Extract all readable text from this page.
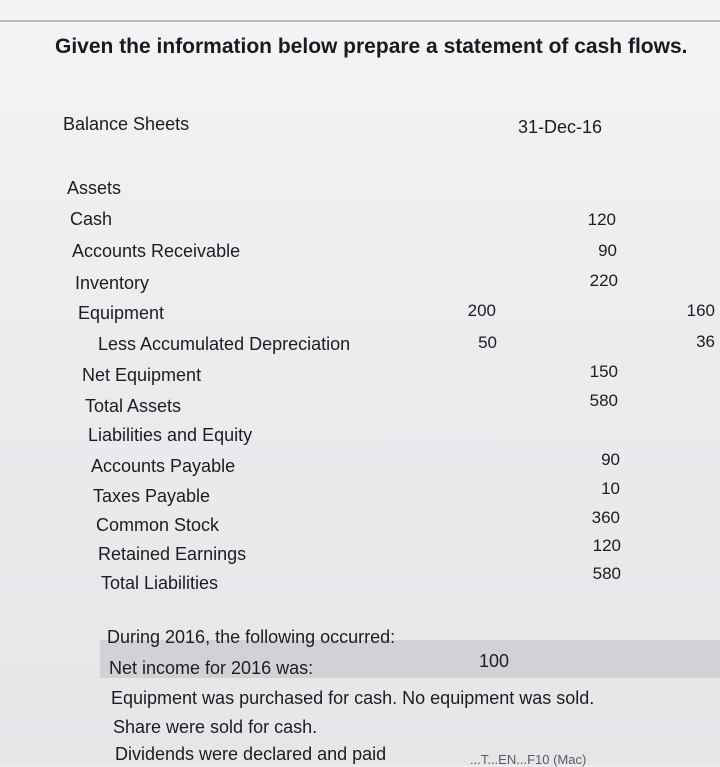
Given the information below prepare a statement of cash flows.
Balance Sheets	31-Dec-16
Assets
Cash	120
Accounts Receivable	90
Inventory	220
Equipment	200	160
Less Accumulated Depreciation	50	36
Net Equipment	150
Total Assets	580
Liabilities and Equity
Accounts Payable	90
Taxes Payable	10
Common Stock	360
Retained Earnings	120
Total Liabilities	580
During 2016, the following occurred:
Net income for 2016 was:	100
Equipment was purchased for cash. No equipment was sold.
Share were sold for cash.
Dividends were declared and paid	...T...EN...F10 (Mac)
